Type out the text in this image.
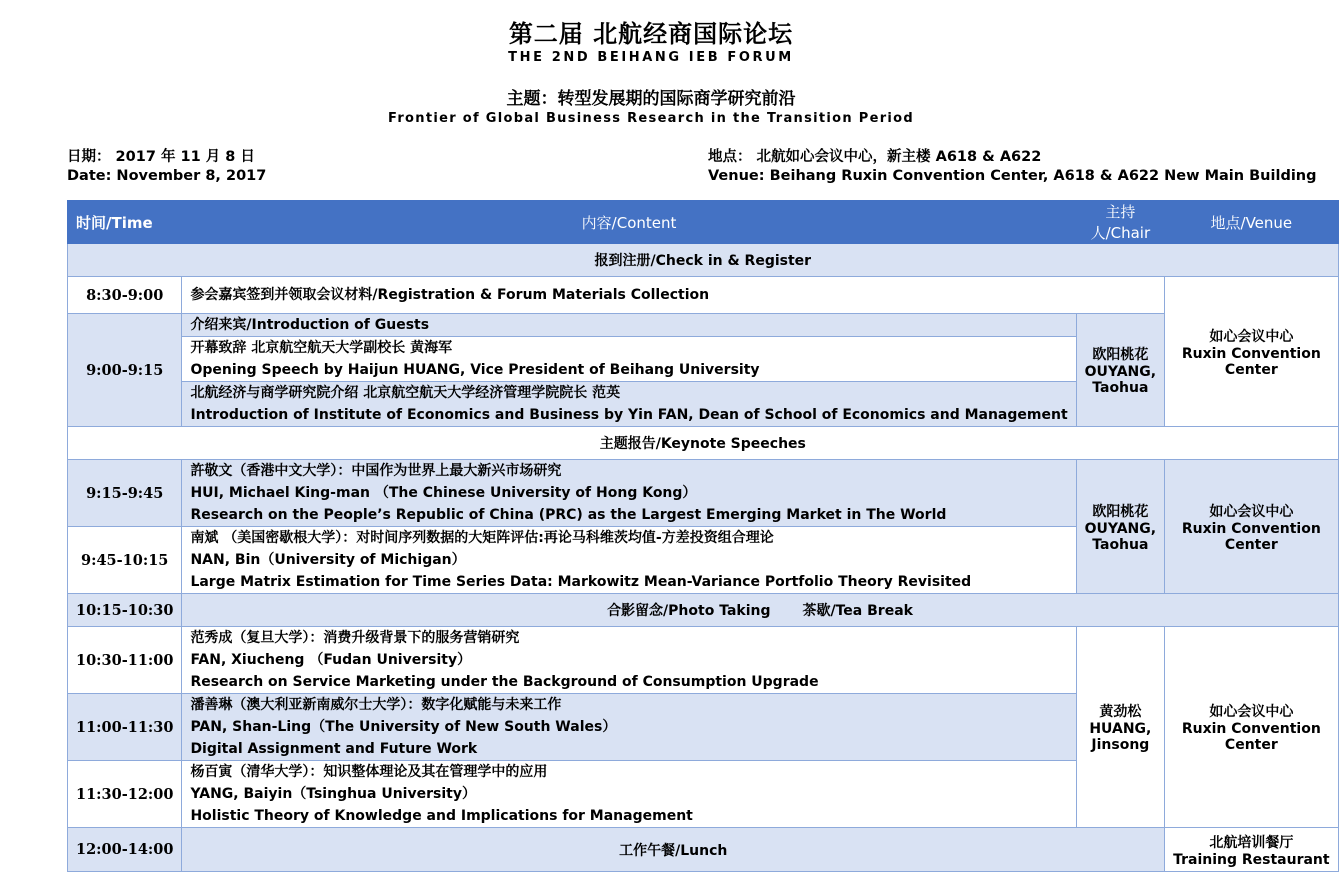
第二届 北航经商国际论坛
THE 2ND BEIHANG IEB FORUM
主题：转型发展期的国际商学研究前沿
Frontier of Global Business Research in the Transition Period
日期： 2017 年 11 月 8 日
Date: November 8, 2017
地点： 北航如心会议中心，新主楼 A618 & A622
Venue: Beihang Ruxin Convention Center, A618 & A622 New Main Building
时间/Time	内容/Content	主持人/Chair	地点/Venue
报到注册/Check in & Register			
8:30-9:00	参会嘉宾签到并领取会议材料/Registration & Forum Materials Collection		如心会议中心
Ruxin Convention
Center

9:00-9:15	介绍来宾/Introduction of Guests	欧阳桃花
OUYANG,
Taohua	

	开幕致辞 北京航空航天大学副校长 黄海军
Opening Speech by Haijun HUANG, Vice President of Beihang University		

	北航经济与商学研究院介绍 北京航空航天大学经济管理学院院长 范英
Introduction of Institute of Economics and Business by Yin FAN, Dean of School of Economics and Management		

主题报告/Keynote Speeches			
9:15-9:45	許敬文（香港中文大学）：中国作为世界上最大新兴市场研究
HUI, Michael King-man （The Chinese University of Hong Kong）
Research on the People’s Republic of China (PRC) as the Largest Emerging Market in The World	欧阳桃花
OUYANG,
Taohua	如心会议中心
Ruxin Convention
Center

9:45-10:15	南斌 （美国密歇根大学）：对时间序列数据的大矩阵评估:再论马科维茨均值-方差投资组合理论
NAN, Bin（University of Michigan）
Large Matrix Estimation for Time Series Data: Markowitz Mean-Variance Portfolio Theory Revisited		

10:15-10:30	合影留念/Photo Taking 茶歇/Tea Break		
10:30-11:00	范秀成（复旦大学）：消费升级背景下的服务营销研究
FAN, Xiucheng （Fudan University）
Research on Service Marketing under the Background of Consumption Upgrade	黄劲松
HUANG,
Jinsong	如心会议中心
Ruxin Convention
Center

11:00-11:30	潘善琳（澳大利亚新南威尔士大学）：数字化赋能与未来工作
PAN, Shan-Ling（The University of New South Wales）
Digital Assignment and Future Work		

11:30-12:00	杨百寅（清华大学）：知识整体理论及其在管理学中的应用
YANG, Baiyin（Tsinghua University）
Holistic Theory of Knowledge and Implications for Management		

12:00-14:00	工作午餐/Lunch		北航培训餐厅
Training Restaurant
